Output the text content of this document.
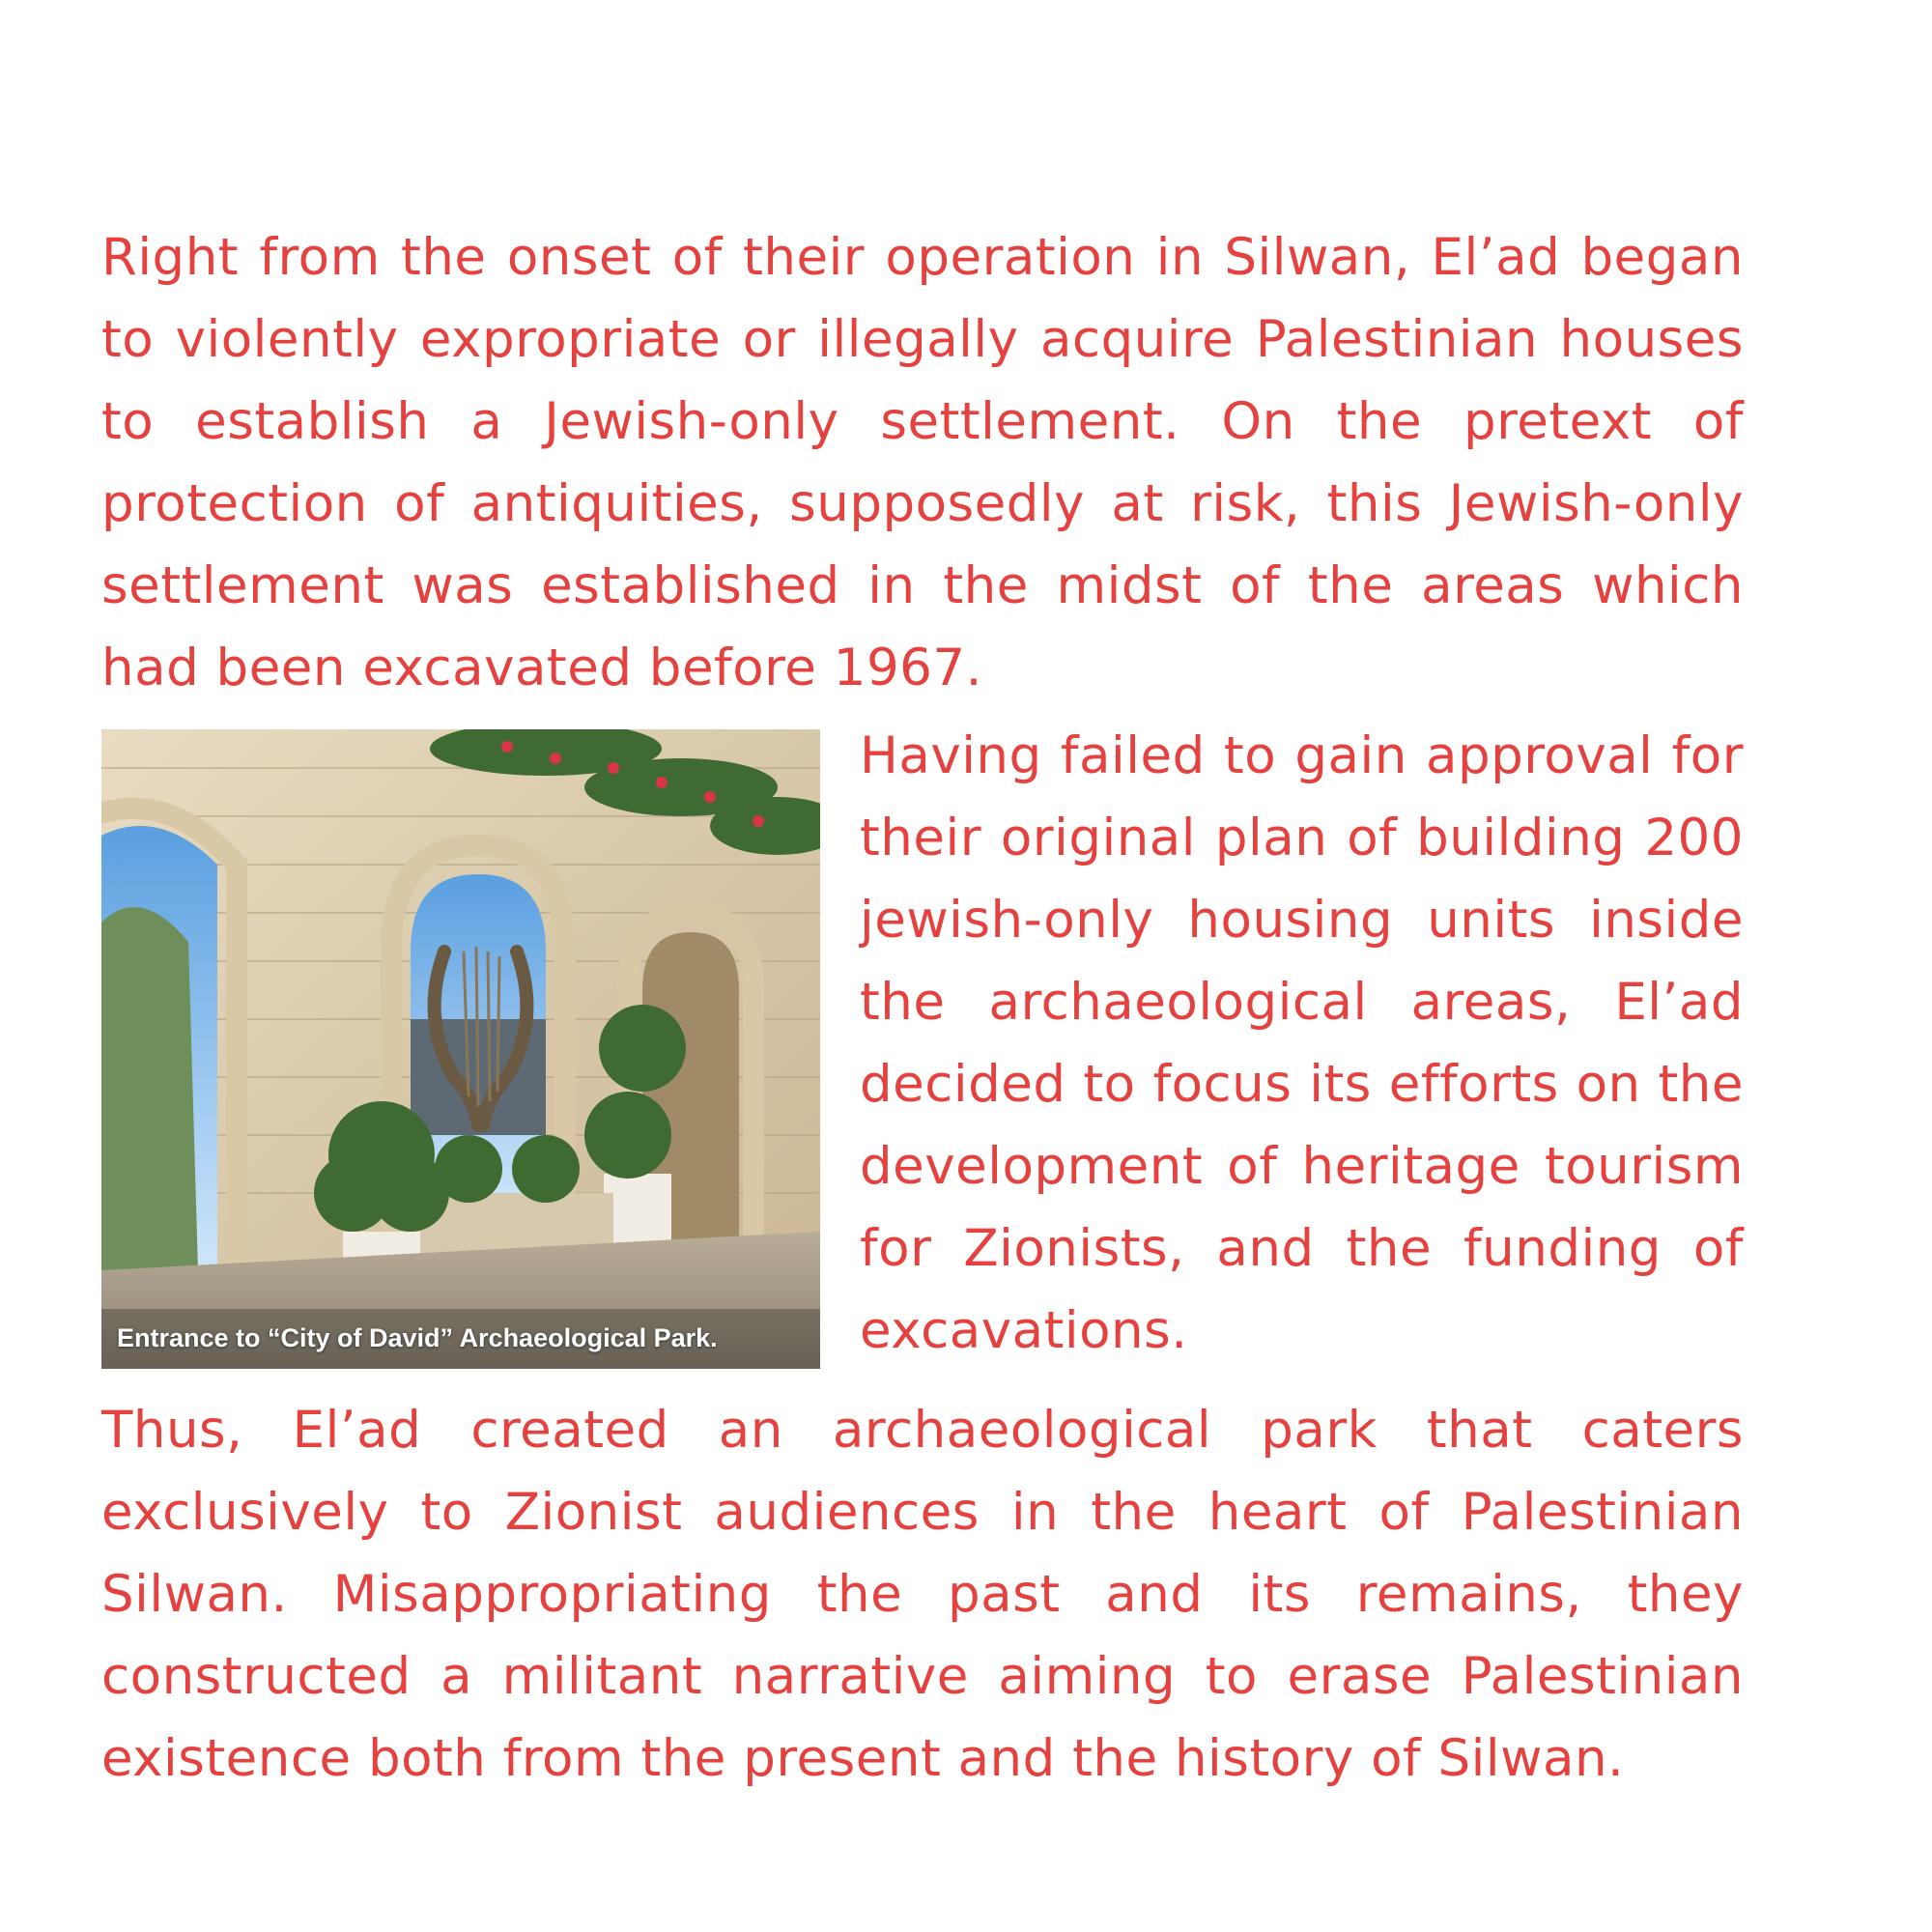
Right from the onset of their operation in Silwan, El’ad began to violently expropriate or illegally acquire Palestinian houses to establish a Jewish-only settlement. On the pretext of protection of antiquities, supposedly at risk, this Jewish-only settlement was established in the midst of the areas which had been excavated before 1967.

Entrance to “City of David” Archaeological Park.

Having failed to gain approval for their original plan of building 200 jewish-only housing units inside the archaeological areas, El’ad decided to focus its efforts on the development of heritage tourism for Zionists, and the funding of excavations.

Thus, El’ad created an archaeological park that caters exclusively to Zionist audiences in the heart of Palestinian Silwan. Misappropriating the past and its remains, they constructed a militant narrative aiming to erase Palestinian existence both from the present and the history of Silwan.
